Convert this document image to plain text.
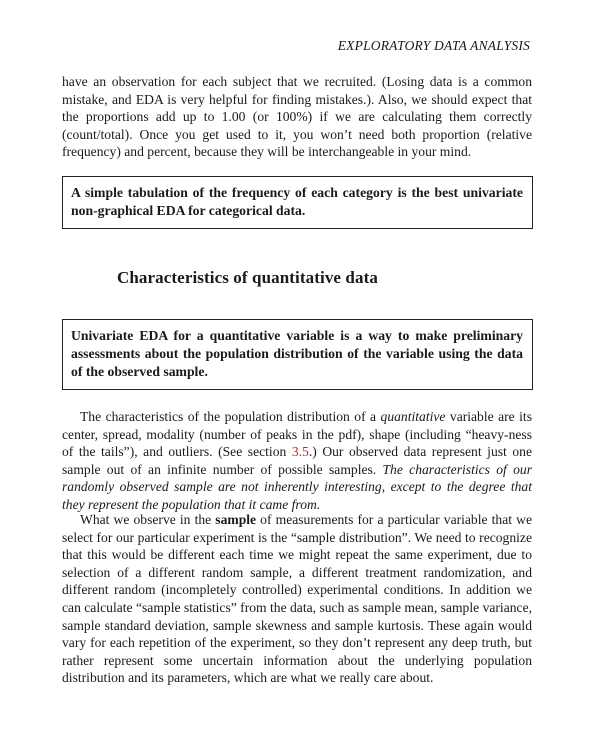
EXPLORATORY DATA ANALYSIS
have an observation for each subject that we recruited. (Losing data is a common mistake, and EDA is very helpful for finding mistakes.). Also, we should expect that the proportions add up to 1.00 (or 100%) if we are calculating them correctly (count/total). Once you get used to it, you won’t need both proportion (relative frequency) and percent, because they will be interchangeable in your mind.
A simple tabulation of the frequency of each category is the best univariate non-graphical EDA for categorical data.
Characteristics of quantitative data
Univariate EDA for a quantitative variable is a way to make preliminary assessments about the population distribution of the variable using the data of the observed sample.
The characteristics of the population distribution of a quantitative variable are its center, spread, modality (number of peaks in the pdf), shape (including “heavy-ness of the tails”), and outliers. (See section 3.5.) Our observed data represent just one sample out of an infinite number of possible samples. The characteristics of our randomly observed sample are not inherently interesting, except to the degree that they represent the population that it came from.
What we observe in the sample of measurements for a particular variable that we select for our particular experiment is the “sample distribution”. We need to recognize that this would be different each time we might repeat the same experiment, due to selection of a different random sample, a different treatment randomization, and different random (incompletely controlled) experimental conditions. In addition we can calculate “sample statistics” from the data, such as sample mean, sample variance, sample standard deviation, sample skewness and sample kurtosis. These again would vary for each repetition of the experiment, so they don’t represent any deep truth, but rather represent some uncertain information about the underlying population distribution and its parameters, which are what we really care about.
